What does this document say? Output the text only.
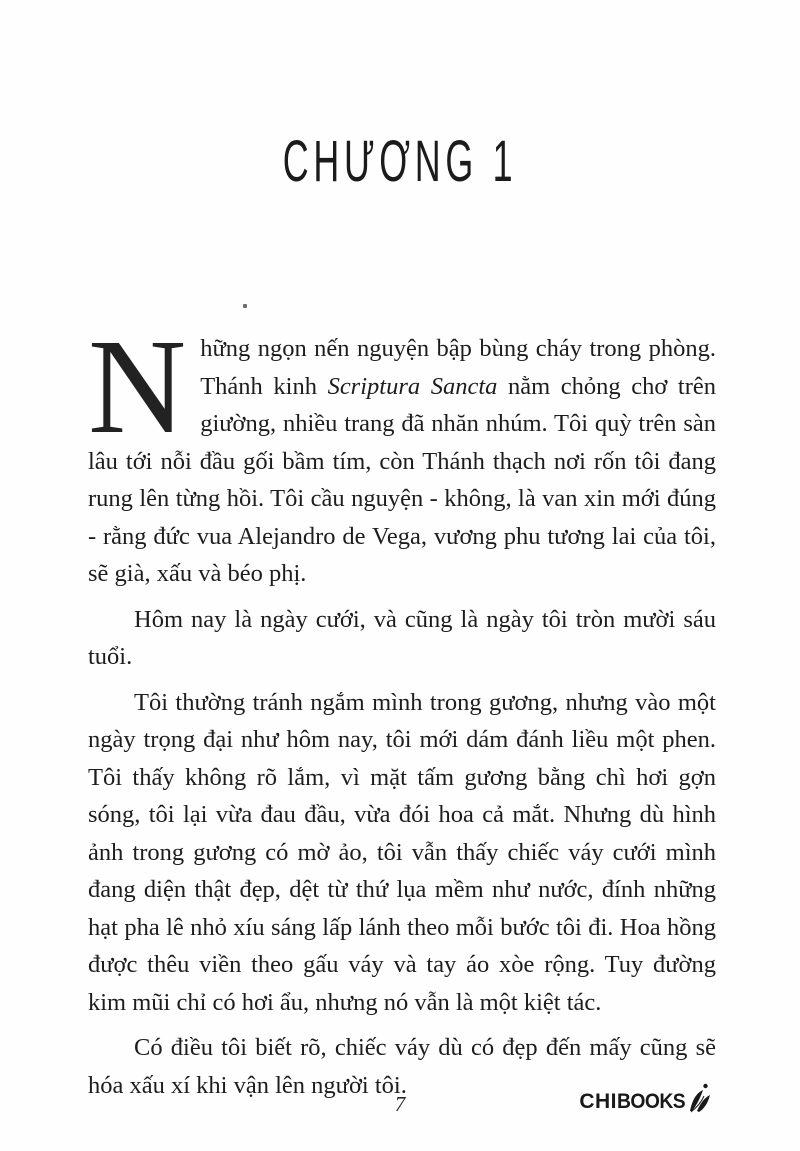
CHƯƠNG 1

Những ngọn nến nguyện bập bùng cháy trong phòng. Thánh kinh Scriptura Sancta nằm chỏng chơ trên giường, nhiều trang đã nhăn nhúm. Tôi quỳ trên sàn lâu tới nỗi đầu gối bầm tím, còn Thánh thạch nơi rốn tôi đang rung lên từng hồi. Tôi cầu nguyện - không, là van xin mới đúng - rằng đức vua Alejandro de Vega, vương phu tương lai của tôi, sẽ già, xấu và béo phị.

Hôm nay là ngày cưới, và cũng là ngày tôi tròn mười sáu tuổi.

Tôi thường tránh ngắm mình trong gương, nhưng vào một ngày trọng đại như hôm nay, tôi mới dám đánh liều một phen. Tôi thấy không rõ lắm, vì mặt tấm gương bằng chì hơi gợn sóng, tôi lại vừa đau đầu, vừa đói hoa cả mắt. Nhưng dù hình ảnh trong gương có mờ ảo, tôi vẫn thấy chiếc váy cưới mình đang diện thật đẹp, dệt từ thứ lụa mềm như nước, đính những hạt pha lê nhỏ xíu sáng lấp lánh theo mỗi bước tôi đi. Hoa hồng được thêu viền theo gấu váy và tay áo xòe rộng. Tuy đường kim mũi chỉ có hơi ẩu, nhưng nó vẫn là một kiệt tác.

Có điều tôi biết rõ, chiếc váy dù có đẹp đến mấy cũng sẽ hóa xấu xí khi vận lên người tôi.

7	CHI BOOKS
